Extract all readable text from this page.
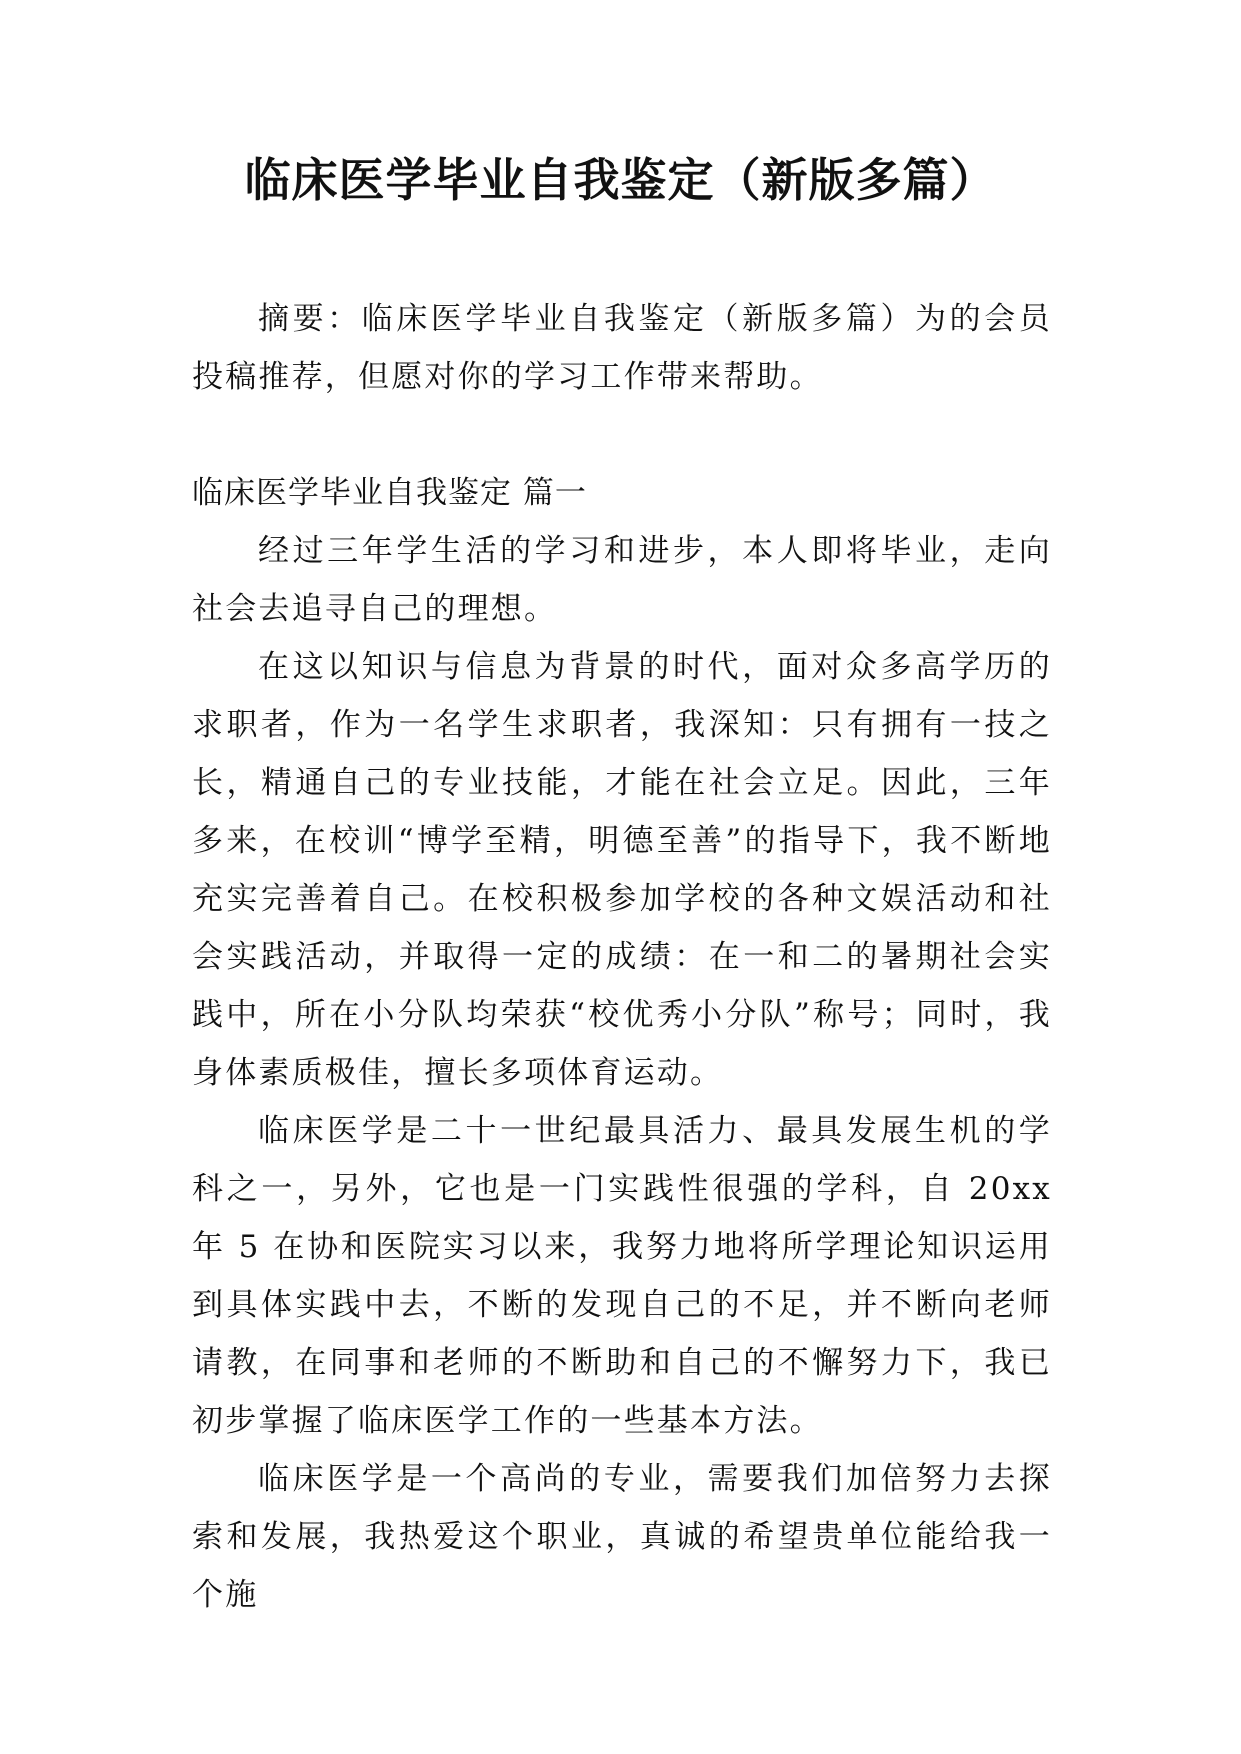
临床医学毕业自我鉴定（新版多篇）

摘要：临床医学毕业自我鉴定（新版多篇）为的会员投稿推荐，但愿对你的学习工作带来帮助。

临床医学毕业自我鉴定 篇一

经过三年学生活的学习和进步，本人即将毕业，走向社会去追寻自己的理想。

在这以知识与信息为背景的时代，面对众多高学历的求职者，作为一名学生求职者，我深知：只有拥有一技之长，精通自己的专业技能，才能在社会立足。因此，三年多来，在校训“博学至精，明德至善”的指导下，我不断地充实完善着自己。在校积极参加学校的各种文娱活动和社会实践活动，并取得一定的成绩：在一和二的暑期社会实践中，所在小分队均荣获“校优秀小分队”称号；同时，我身体素质极佳，擅长多项体育运动。

临床医学是二十一世纪最具活力、最具发展生机的学科之一，另外，它也是一门实践性很强的学科，自 20xx 年 5 在协和医院实习以来，我努力地将所学理论知识运用到具体实践中去，不断的发现自己的不足，并不断向老师请教，在同事和老师的不断助和自己的不懈努力下，我已初步掌握了临床医学工作的一些基本方法。

临床医学是一个高尚的专业，需要我们加倍努力去探索和发展，我热爱这个职业，真诚的希望贵单位能给我一个施
